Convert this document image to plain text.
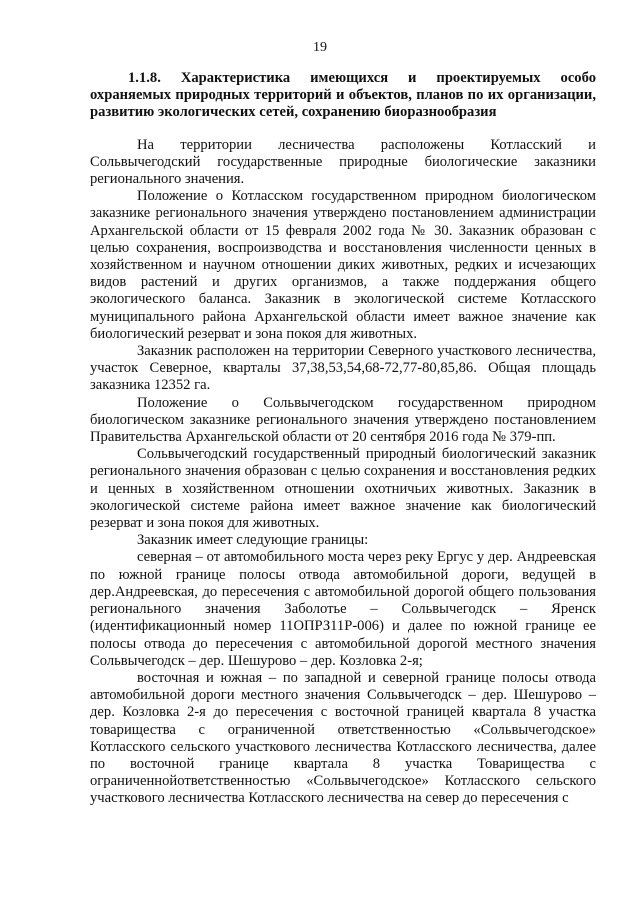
19

1.1.8. Характеристика имеющихся и проектируемых особо охраняемых природных территорий и объектов, планов по их организации, развитию экологических сетей, сохранению биоразнообразия

На территории лесничества расположены Котласский и Сольвычегодский государственные природные биологические заказники регионального значения.

Положение о Котласском государственном природном биологическом заказнике регионального значения утверждено постановлением администрации Архангельской области от 15 февраля 2002 года № 30. Заказник образован с целью сохранения, воспроизводства и восстановления численности ценных в хозяйственном и научном отношении диких животных, редких и исчезающих видов растений и других организмов, а также поддержания общего экологического баланса. Заказник в экологической системе Котласского муниципального района Архангельской области имеет важное значение как биологический резерват и зона покоя для животных.

Заказник расположен на территории Северного участкового лесничества, участок Северное, кварталы 37,38,53,54,68-72,77-80,85,86. Общая площадь заказника 12352 га.

Положение о Сольвычегодском государственном природном биологическом заказнике регионального значения утверждено постановлением Правительства Архангельской области от 20 сентября 2016 года № 379-пп.

Сольвычегодский государственный природный биологический заказник регионального значения образован с целью сохранения и восстановления редких и ценных в хозяйственном отношении охотничьих животных. Заказник в экологической системе района имеет важное значение как биологический резерват и зона покоя для животных.

Заказник имеет следующие границы:

северная – от автомобильного моста через реку Ергус у дер. Андреевская по южной границе полосы отвода автомобильной дороги, ведущей в дер.Андреевская, до пересечения с автомобильной дорогой общего пользования регионального значения Заболотье – Сольвычегодск – Яренск (идентификационный номер 11ОПРЗ11Р-006) и далее по южной границе ее полосы отвода до пересечения с автомобильной дорогой местного значения Сольвычегодск – дер. Шешурово – дер. Козловка 2-я;

восточная и южная – по западной и северной границе полосы отвода автомобильной дороги местного значения Сольвычегодск – дер. Шешурово – дер. Козловка 2-я до пересечения с восточной границей квартала 8 участка товарищества с ограниченной ответственностью «Сольвычегодское» Котласского сельского участкового лесничества Котласского лесничества, далее по восточной границе квартала 8 участка Товарищества с ограниченнойответственностью «Сольвычегодское» Котласского сельского участкового лесничества Котласского лесничества на север до пересечения с
